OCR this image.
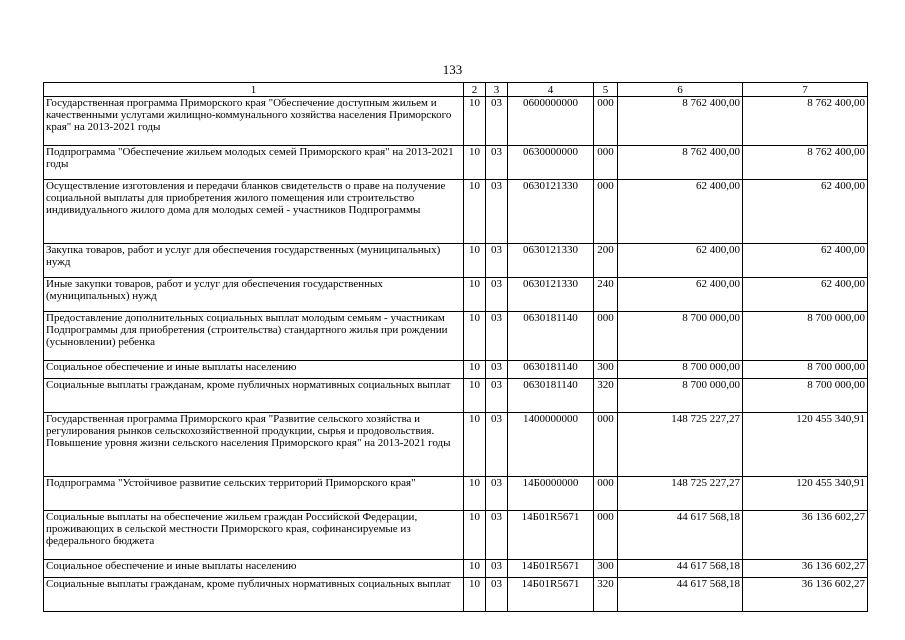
133
1	2	3	4	5	6	7
Государственная программа Приморского края "Обеспечение доступным жильем и качественными услугами жилищно-коммунального хозяйства населения Приморского края" на 2013-2021 годы	10	03	0600000000	000	8 762 400,00	8 762 400,00
Подпрограмма "Обеспечение жильем молодых семей Приморского края" на 2013-2021 годы	10	03	0630000000	000	8 762 400,00	8 762 400,00
Осуществление изготовления и передачи бланков свидетельств о праве на получение социальной выплаты для приобретения жилого помещения или строительство индивидуального жилого дома для молодых семей - участников Подпрограммы	10	03	0630121330	000	62 400,00	62 400,00
Закупка товаров, работ и услуг для обеспечения государственных (муниципальных) нужд	10	03	0630121330	200	62 400,00	62 400,00
Иные закупки товаров, работ и услуг для обеспечения государственных (муниципальных) нужд	10	03	0630121330	240	62 400,00	62 400,00
Предоставление дополнительных социальных выплат молодым семьям - участникам Подпрограммы для приобретения (строительства) стандартного жилья при рождении (усыновлении) ребенка	10	03	0630181140	000	8 700 000,00	8 700 000,00
Социальное обеспечение и иные выплаты населению	10	03	0630181140	300	8 700 000,00	8 700 000,00
Социальные выплаты гражданам, кроме публичных нормативных социальных выплат	10	03	0630181140	320	8 700 000,00	8 700 000,00
Государственная программа Приморского края "Развитие сельского хозяйства и регулирования рынков сельскохозяйственной продукции, сырья и продовольствия. Повышение уровня жизни сельского населения Приморского края" на 2013-2021 годы	10	03	1400000000	000	148 725 227,27	120 455 340,91
Подпрограмма "Устойчивое развитие сельских территорий Приморского края"	10	03	14Б0000000	000	148 725 227,27	120 455 340,91
Социальные выплаты на обеспечение жильем граждан Российской Федерации, проживающих в сельской местности Приморского края, софинансируемые из федерального бюджета	10	03	14Б01R5671	000	44 617 568,18	36 136 602,27
Социальное обеспечение и иные выплаты населению	10	03	14Б01R5671	300	44 617 568,18	36 136 602,27
Социальные выплаты гражданам, кроме публичных нормативных социальных выплат	10	03	14Б01R5671	320	44 617 568,18	36 136 602,27
